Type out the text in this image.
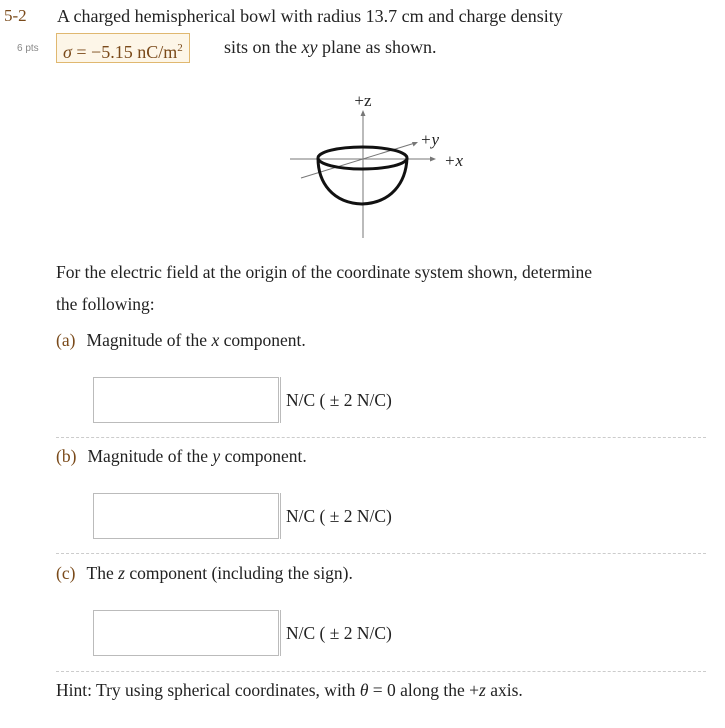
5-2
6 pts
A charged hemispherical bowl with radius 13.7 cm and charge density
σ = −5.15 $nC/m^2$	sits on the xy plane as shown.
+z
+x
+y
For the electric field at the origin of the coordinate system shown, determine
the following:
(a) Magnitude of the x component.
N/C ( ± 2 N/C)
(b) Magnitude of the y component.
N/C ( ± 2 N/C)
(c) The z component (including the sign).
N/C ( ± 2 N/C)
Hint: Try using spherical coordinates, with θ = 0 along the +z axis.
